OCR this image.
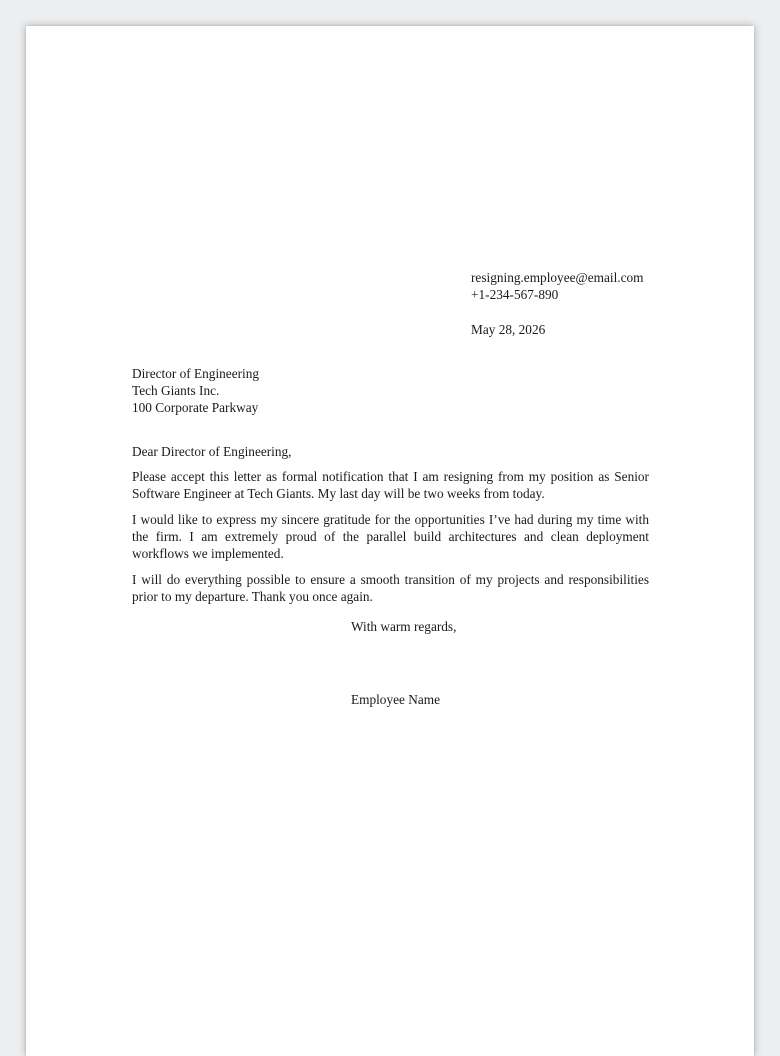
resigning.employee@email.com
+1-234-567-890
May 28, 2026
Director of Engineering
Tech Giants Inc.
100 Corporate Parkway
Dear Director of Engineering,
Please accept this letter as formal notification that I am resigning from my position as Senior Software Engineer at Tech Giants. My last day will be two weeks from today.
I would like to express my sincere gratitude for the opportunities I’ve had during my time with the firm. I am extremely proud of the parallel build architectures and clean deployment workflows we implemented.
I will do everything possible to ensure a smooth transition of my projects and responsibilities prior to my departure. Thank you once again.
With warm regards,
Employee Name
